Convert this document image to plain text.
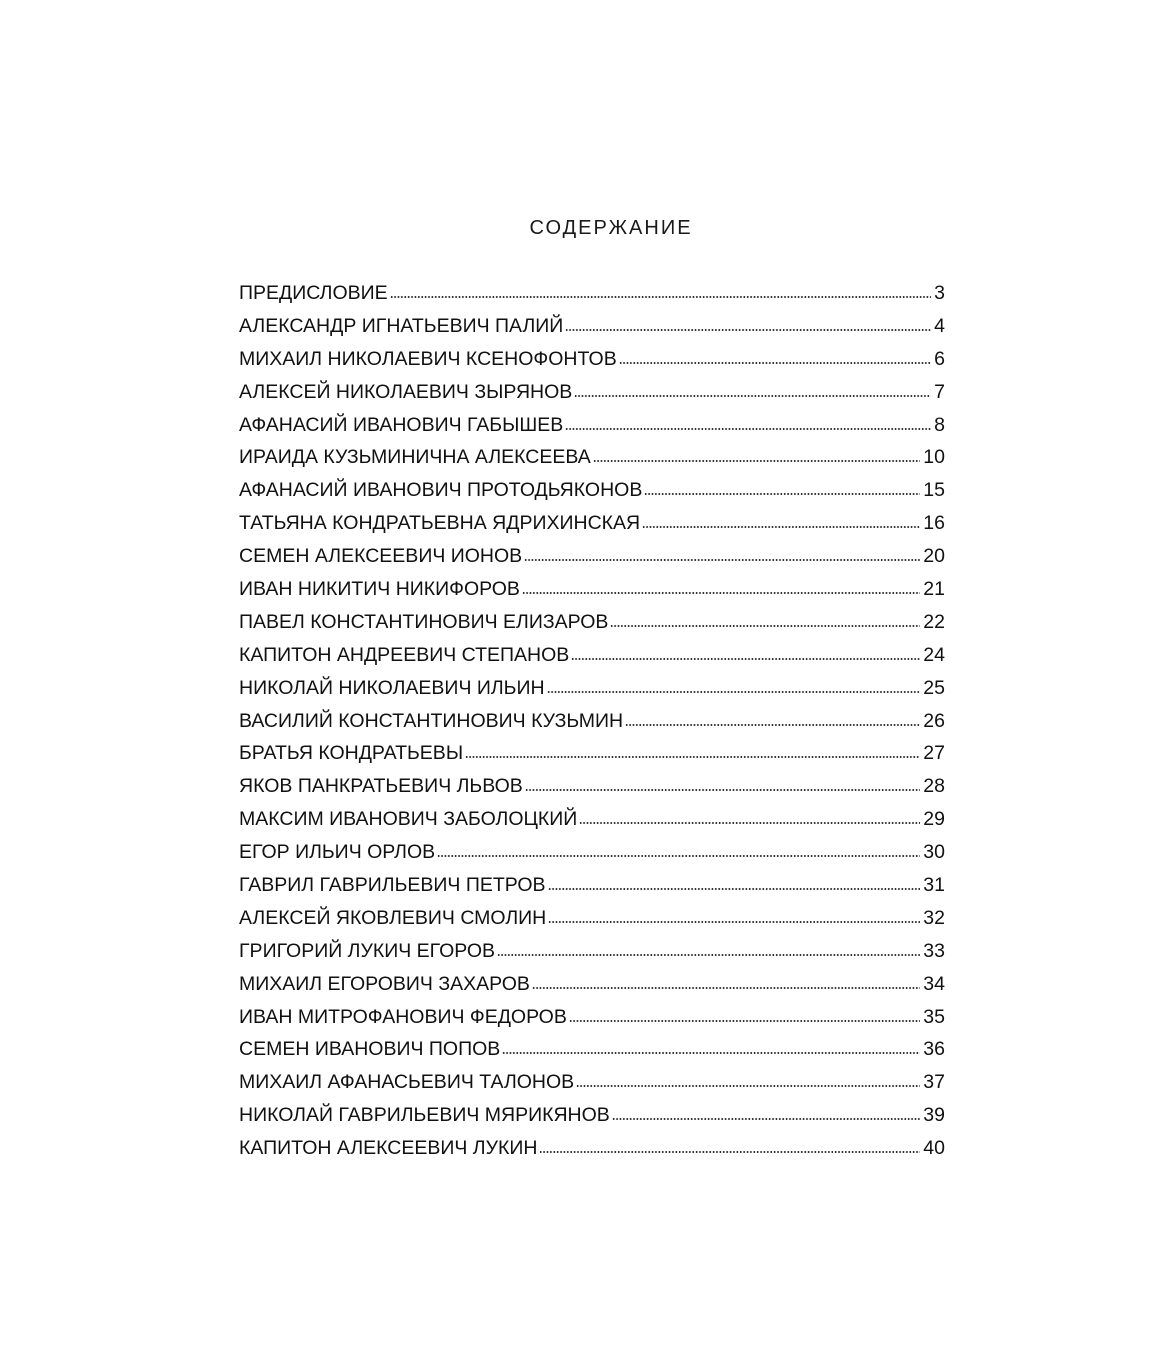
СОДЕРЖАНИЕ
ПРЕДИСЛОВИЕ	3
АЛЕКСАНДР ИГНАТЬЕВИЧ ПАЛИЙ	4
МИХАИЛ НИКОЛАЕВИЧ КСЕНОФОНТОВ	6
АЛЕКСЕЙ НИКОЛАЕВИЧ ЗЫРЯНОВ	7
АФАНАСИЙ ИВАНОВИЧ ГАБЫШЕВ	8
ИРАИДА КУЗЬМИНИЧНА АЛЕКСЕЕВА	10
АФАНАСИЙ ИВАНОВИЧ ПРОТОДЬЯКОНОВ	15
ТАТЬЯНА КОНДРАТЬЕВНА ЯДРИХИНСКАЯ	16
СЕМЕН АЛЕКСЕЕВИЧ ИОНОВ	20
ИВАН НИКИТИЧ НИКИФОРОВ	21
ПАВЕЛ КОНСТАНТИНОВИЧ ЕЛИЗАРОВ	22
КАПИТОН АНДРЕЕВИЧ СТЕПАНОВ	24
НИКОЛАЙ НИКОЛАЕВИЧ ИЛЬИН	25
ВАСИЛИЙ КОНСТАНТИНОВИЧ КУЗЬМИН	26
БРАТЬЯ КОНДРАТЬЕВЫ	27
ЯКОВ ПАНКРАТЬЕВИЧ ЛЬВОВ	28
МАКСИМ ИВАНОВИЧ ЗАБОЛОЦКИЙ	29
ЕГОР ИЛЬИЧ ОРЛОВ	30
ГАВРИЛ ГАВРИЛЬЕВИЧ ПЕТРОВ	31
АЛЕКСЕЙ ЯКОВЛЕВИЧ СМОЛИН	32
ГРИГОРИЙ ЛУКИЧ ЕГОРОВ	33
МИХАИЛ ЕГОРОВИЧ ЗАХАРОВ	34
ИВАН МИТРОФАНОВИЧ ФЕДОРОВ	35
СЕМЕН ИВАНОВИЧ ПОПОВ	36
МИХАИЛ АФАНАСЬЕВИЧ ТАЛОНОВ	37
НИКОЛАЙ ГАВРИЛЬЕВИЧ МЯРИКЯНОВ	39
КАПИТОН АЛЕКСЕЕВИЧ ЛУКИН	40
